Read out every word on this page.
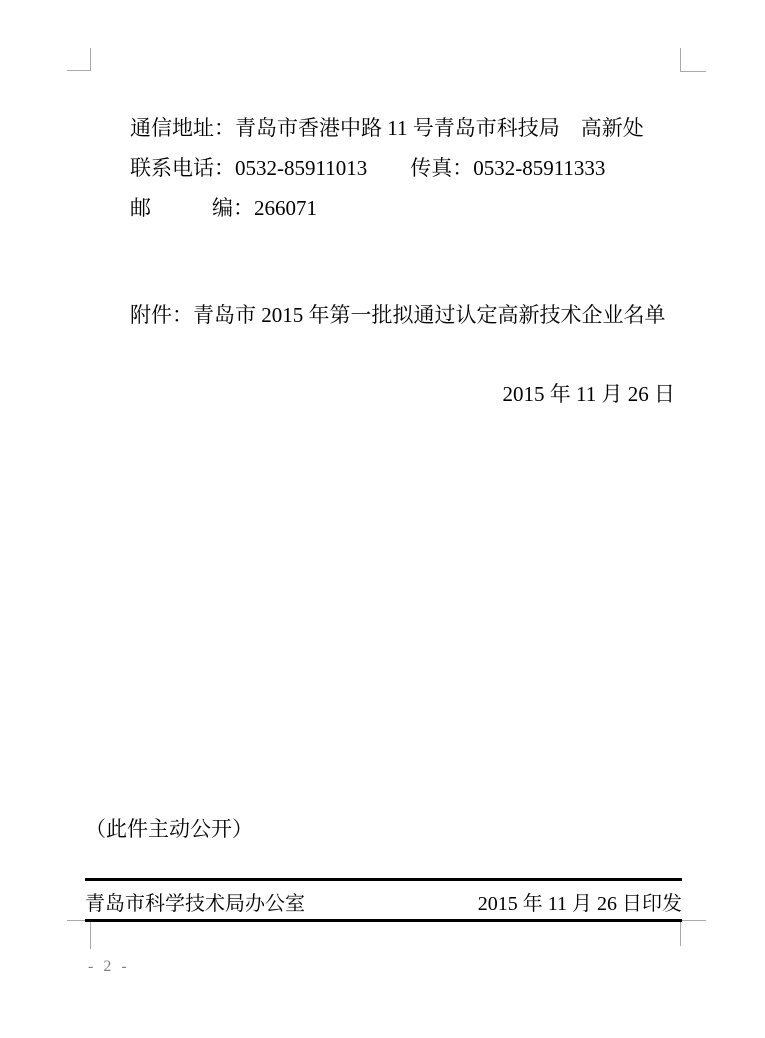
通信地址：青岛市香港中路 11 号青岛市科技局　高新处
联系电话：0532-85911013 传真：0532-85911333
邮	编：266071
附件：青岛市 2015 年第一批拟通过认定高新技术企业名单
2015 年 11 月 26 日
（此件主动公开）
青岛市科学技术局办公室	2015 年 11 月 26 日印发
- 2 -
